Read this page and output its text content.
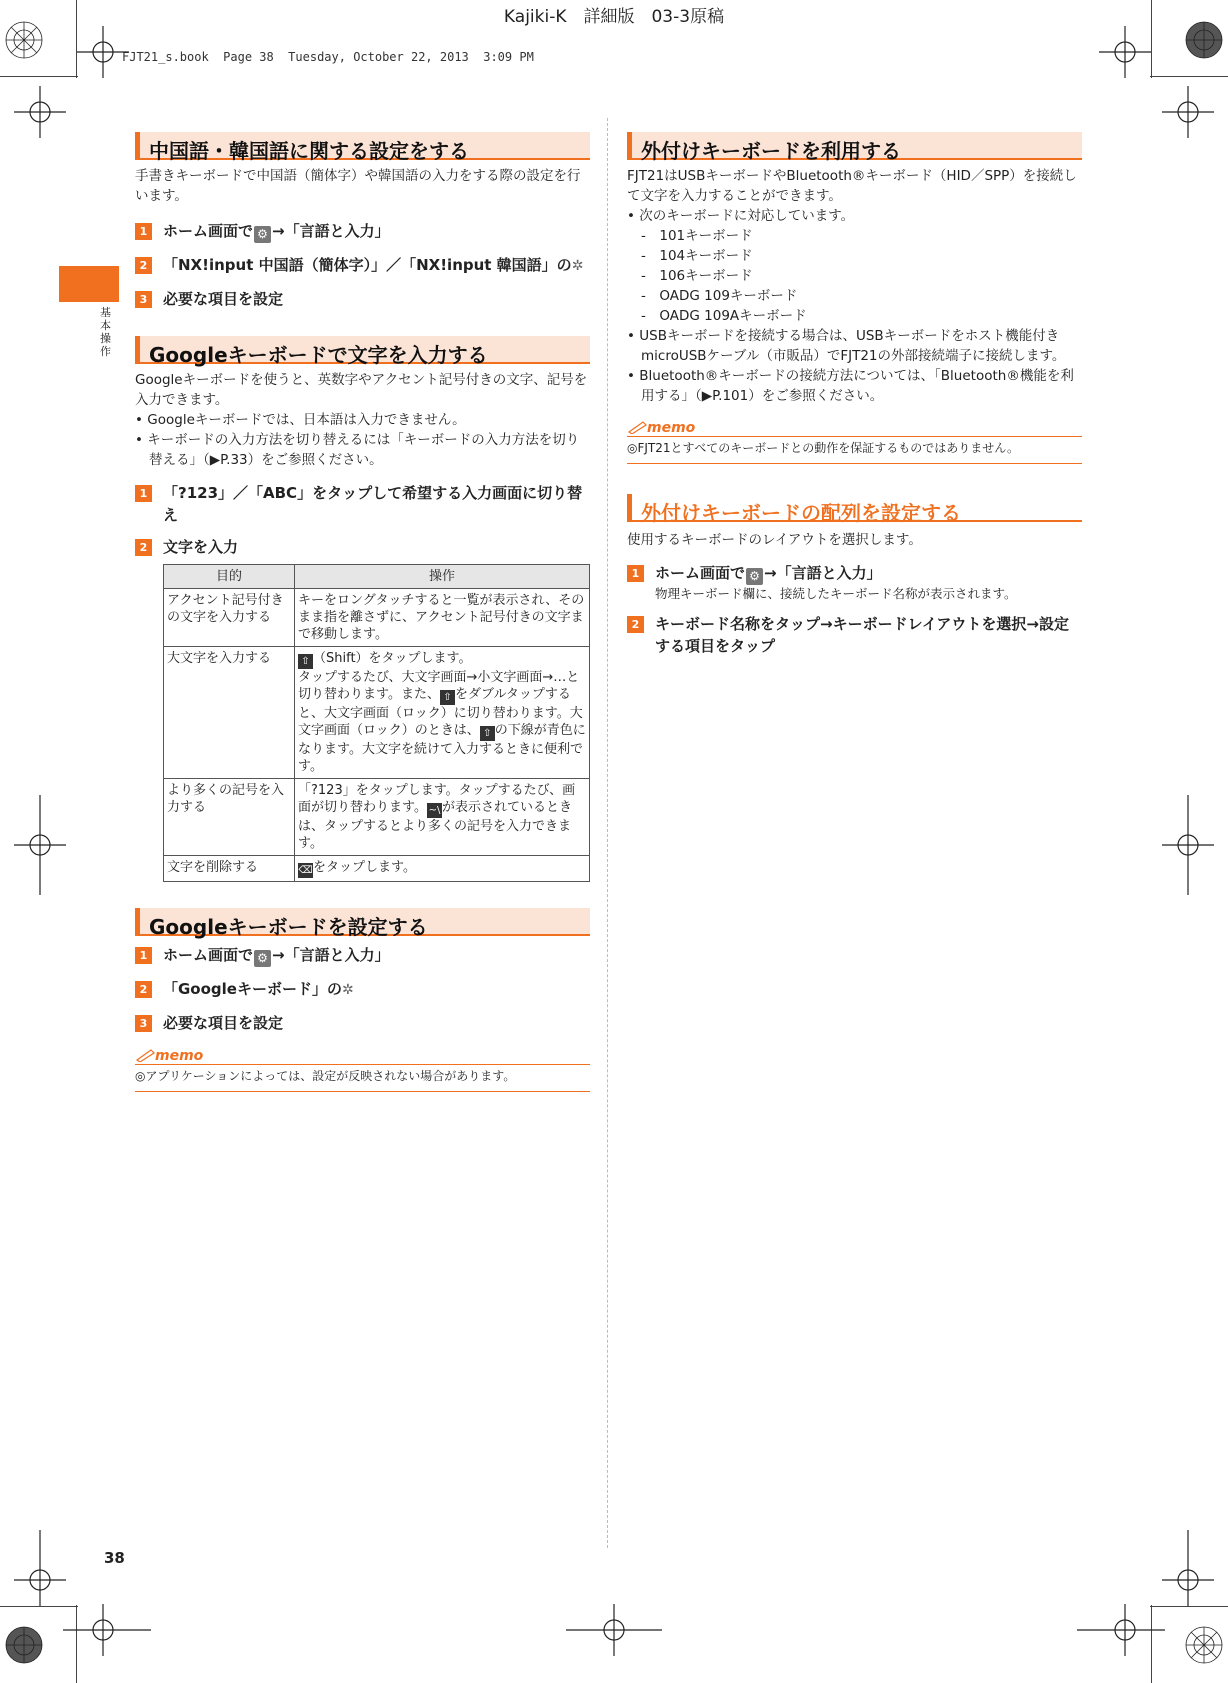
Kajiki-K　詳細版　03-3原稿
FJT21_s.book  Page 38  Tuesday, October 22, 2013  3:09 PM
基本操作
38
中国語・韓国語に関する設定をする

手書きキーボードで中国語（簡体字）や韓国語の入力をする際の設定を行います。

1	ホーム画面で ⚙ →「言語と入力」
2	「NX!input 中国語（簡体字）」／「NX!input 韓国語」の✲
3	必要な項目を設定
Googleキーボードで文字を入力する

Googleキーボードを使うと、英数字やアクセント記号付きの文字、記号を入力できます。

• Googleキーボードでは、日本語は入力できません。
• キーボードの入力方法を切り替えるには「キーボードの入力方法を切り替える」（▶P.33）をご参照ください。
1	「?123」／「ABC」をタップして希望する入力画面に切り替え
2	文字を入力
目的	操作
アクセント記号付きの文字を入力する	キーをロングタッチすると一覧が表示され、そのまま指を離さずに、アクセント記号付きの文字まで移動します。
大文字を入力する	⇧ （Shift）をタップします。
タップするたび、大文字画面→小文字画面→…と切り替わります。また、 ⇧ をダブルタップすると、大文字画面（ロック）に切り替わります。大文字画面（ロック）のときは、 ⇧ の下線が青色になります。大文字を続けて入力するときに便利です。
より多くの記号を入力する	「?123」をタップします。タップするたび、画面が切り替わります。 ~\ が表示されているときは、タップするとより多くの記号を入力できます。
文字を削除する	⌫をタップします。
Googleキーボードを設定する
1	ホーム画面で ⚙ →「言語と入力」
2	「Googleキーボード」の✲
3	必要な項目を設定
memo
◎アプリケーションによっては、設定が反映されない場合があります。
外付けキーボードを利用する

FJT21はUSBキーボードやBluetooth®キーボード（HID／SPP）を接続して文字を入力することができます。

• 次のキーボードに対応しています。
-　101キーボード
-　104キーボード
-　106キーボード
-　OADG 109キーボード
-　OADG 109Aキーボード
• USBキーボードを接続する場合は、USBキーボードをホスト機能付きmicroUSBケーブル（市販品）でFJT21の外部接続端子に接続します。
• Bluetooth®キーボードの接続方法については、「Bluetooth®機能を利用する」（▶P.101）をご参照ください。
memo
◎FJT21とすべてのキーボードとの動作を保証するものではありません。
外付けキーボードの配列を設定する

使用するキーボードのレイアウトを選択します。

1	ホーム画面で ⚙ →「言語と入力」
物理キーボード欄に、接続したキーボード名称が表示されます。
2	キーボード名称をタップ→キーボードレイアウトを選択→設定する項目をタップ
